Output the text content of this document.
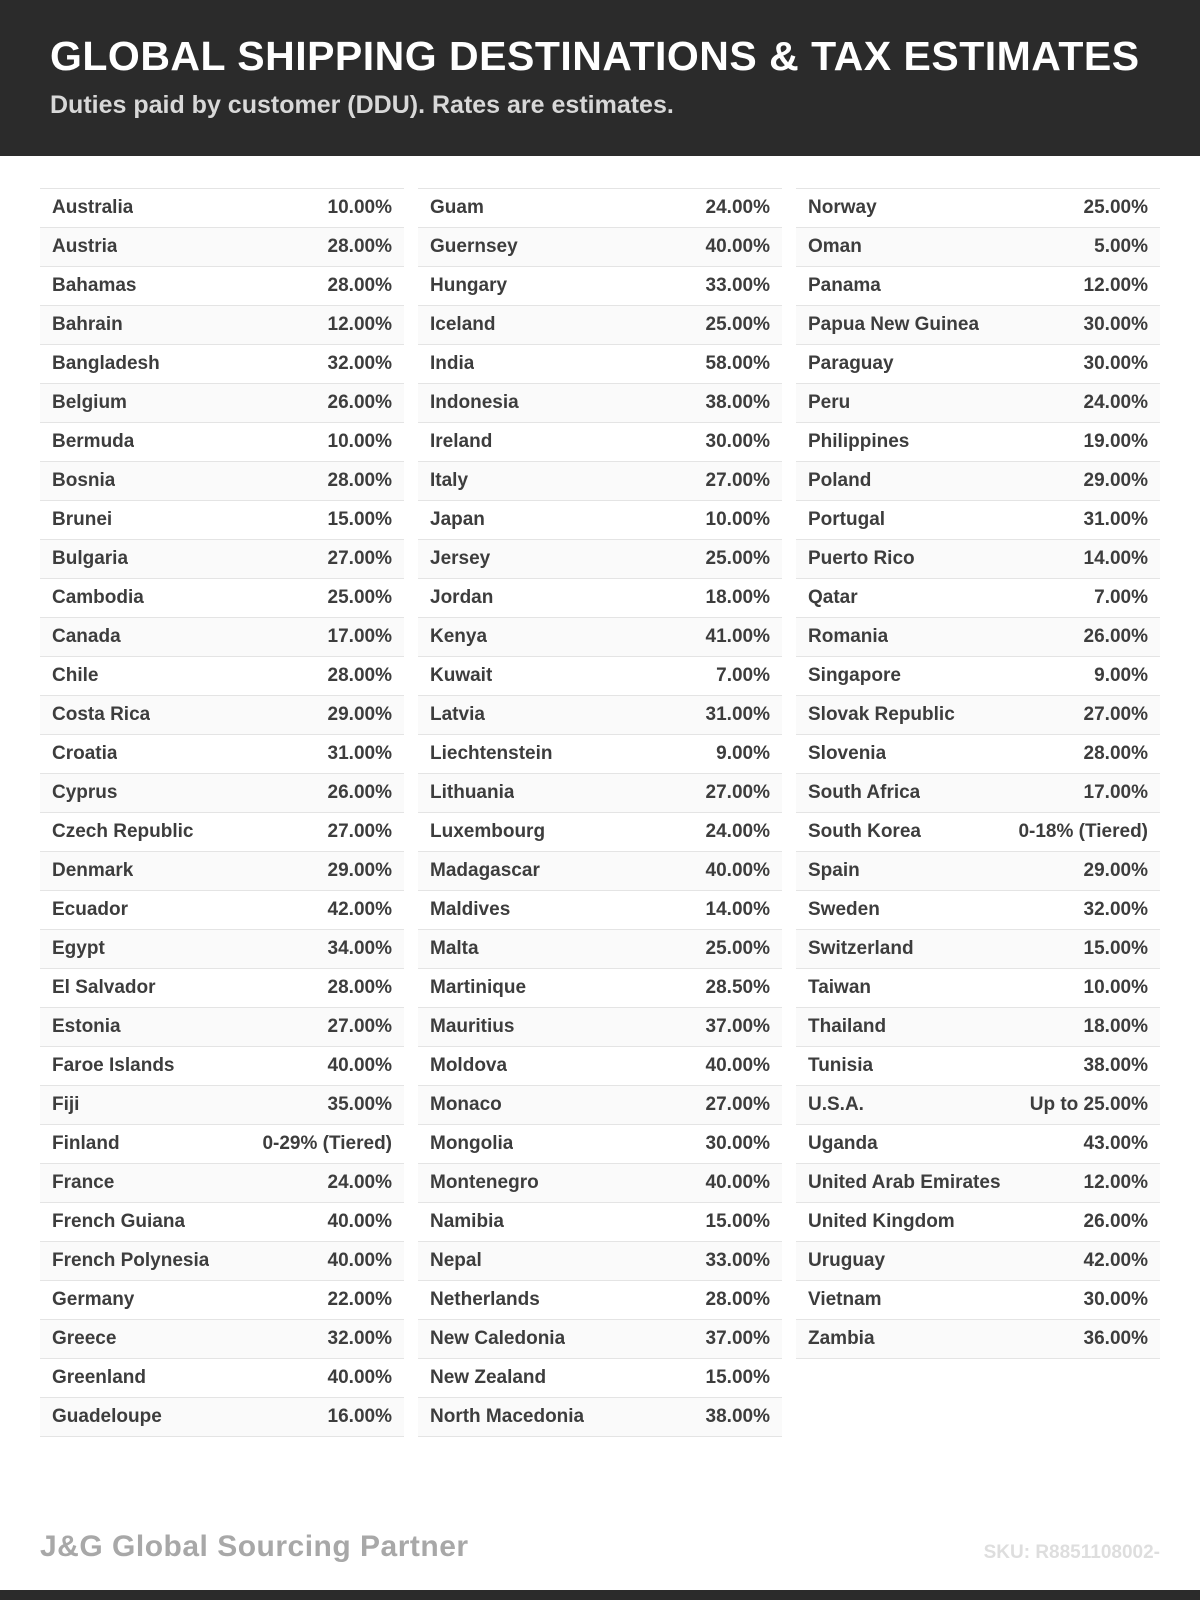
GLOBAL SHIPPING DESTINATIONS & TAX ESTIMATES

Duties paid by customer (DDU). Rates are estimates.

Australia	10.00%
Austria	28.00%
Bahamas	28.00%
Bahrain	12.00%
Bangladesh	32.00%
Belgium	26.00%
Bermuda	10.00%
Bosnia	28.00%
Brunei	15.00%
Bulgaria	27.00%
Cambodia	25.00%
Canada	17.00%
Chile	28.00%
Costa Rica	29.00%
Croatia	31.00%
Cyprus	26.00%
Czech Republic	27.00%
Denmark	29.00%
Ecuador	42.00%
Egypt	34.00%
El Salvador	28.00%
Estonia	27.00%
Faroe Islands	40.00%
Fiji	35.00%
Finland	0-29% (Tiered)
France	24.00%
French Guiana	40.00%
French Polynesia	40.00%
Germany	22.00%
Greece	32.00%
Greenland	40.00%
Guadeloupe	16.00%
Guam	24.00%
Guernsey	40.00%
Hungary	33.00%
Iceland	25.00%
India	58.00%
Indonesia	38.00%
Ireland	30.00%
Italy	27.00%
Japan	10.00%
Jersey	25.00%
Jordan	18.00%
Kenya	41.00%
Kuwait	7.00%
Latvia	31.00%
Liechtenstein	9.00%
Lithuania	27.00%
Luxembourg	24.00%
Madagascar	40.00%
Maldives	14.00%
Malta	25.00%
Martinique	28.50%
Mauritius	37.00%
Moldova	40.00%
Monaco	27.00%
Mongolia	30.00%
Montenegro	40.00%
Namibia	15.00%
Nepal	33.00%
Netherlands	28.00%
New Caledonia	37.00%
New Zealand	15.00%
North Macedonia	38.00%
Norway	25.00%
Oman	5.00%
Panama	12.00%
Papua New Guinea	30.00%
Paraguay	30.00%
Peru	24.00%
Philippines	19.00%
Poland	29.00%
Portugal	31.00%
Puerto Rico	14.00%
Qatar	7.00%
Romania	26.00%
Singapore	9.00%
Slovak Republic	27.00%
Slovenia	28.00%
South Africa	17.00%
South Korea	0-18% (Tiered)
Spain	29.00%
Sweden	32.00%
Switzerland	15.00%
Taiwan	10.00%
Thailand	18.00%
Tunisia	38.00%
U.S.A.	Up to 25.00%
Uganda	43.00%
United Arab Emirates	12.00%
United Kingdom	26.00%
Uruguay	42.00%
Vietnam	30.00%
Zambia	36.00%
J&G Global Sourcing Partner	SKU: R8851108002-
